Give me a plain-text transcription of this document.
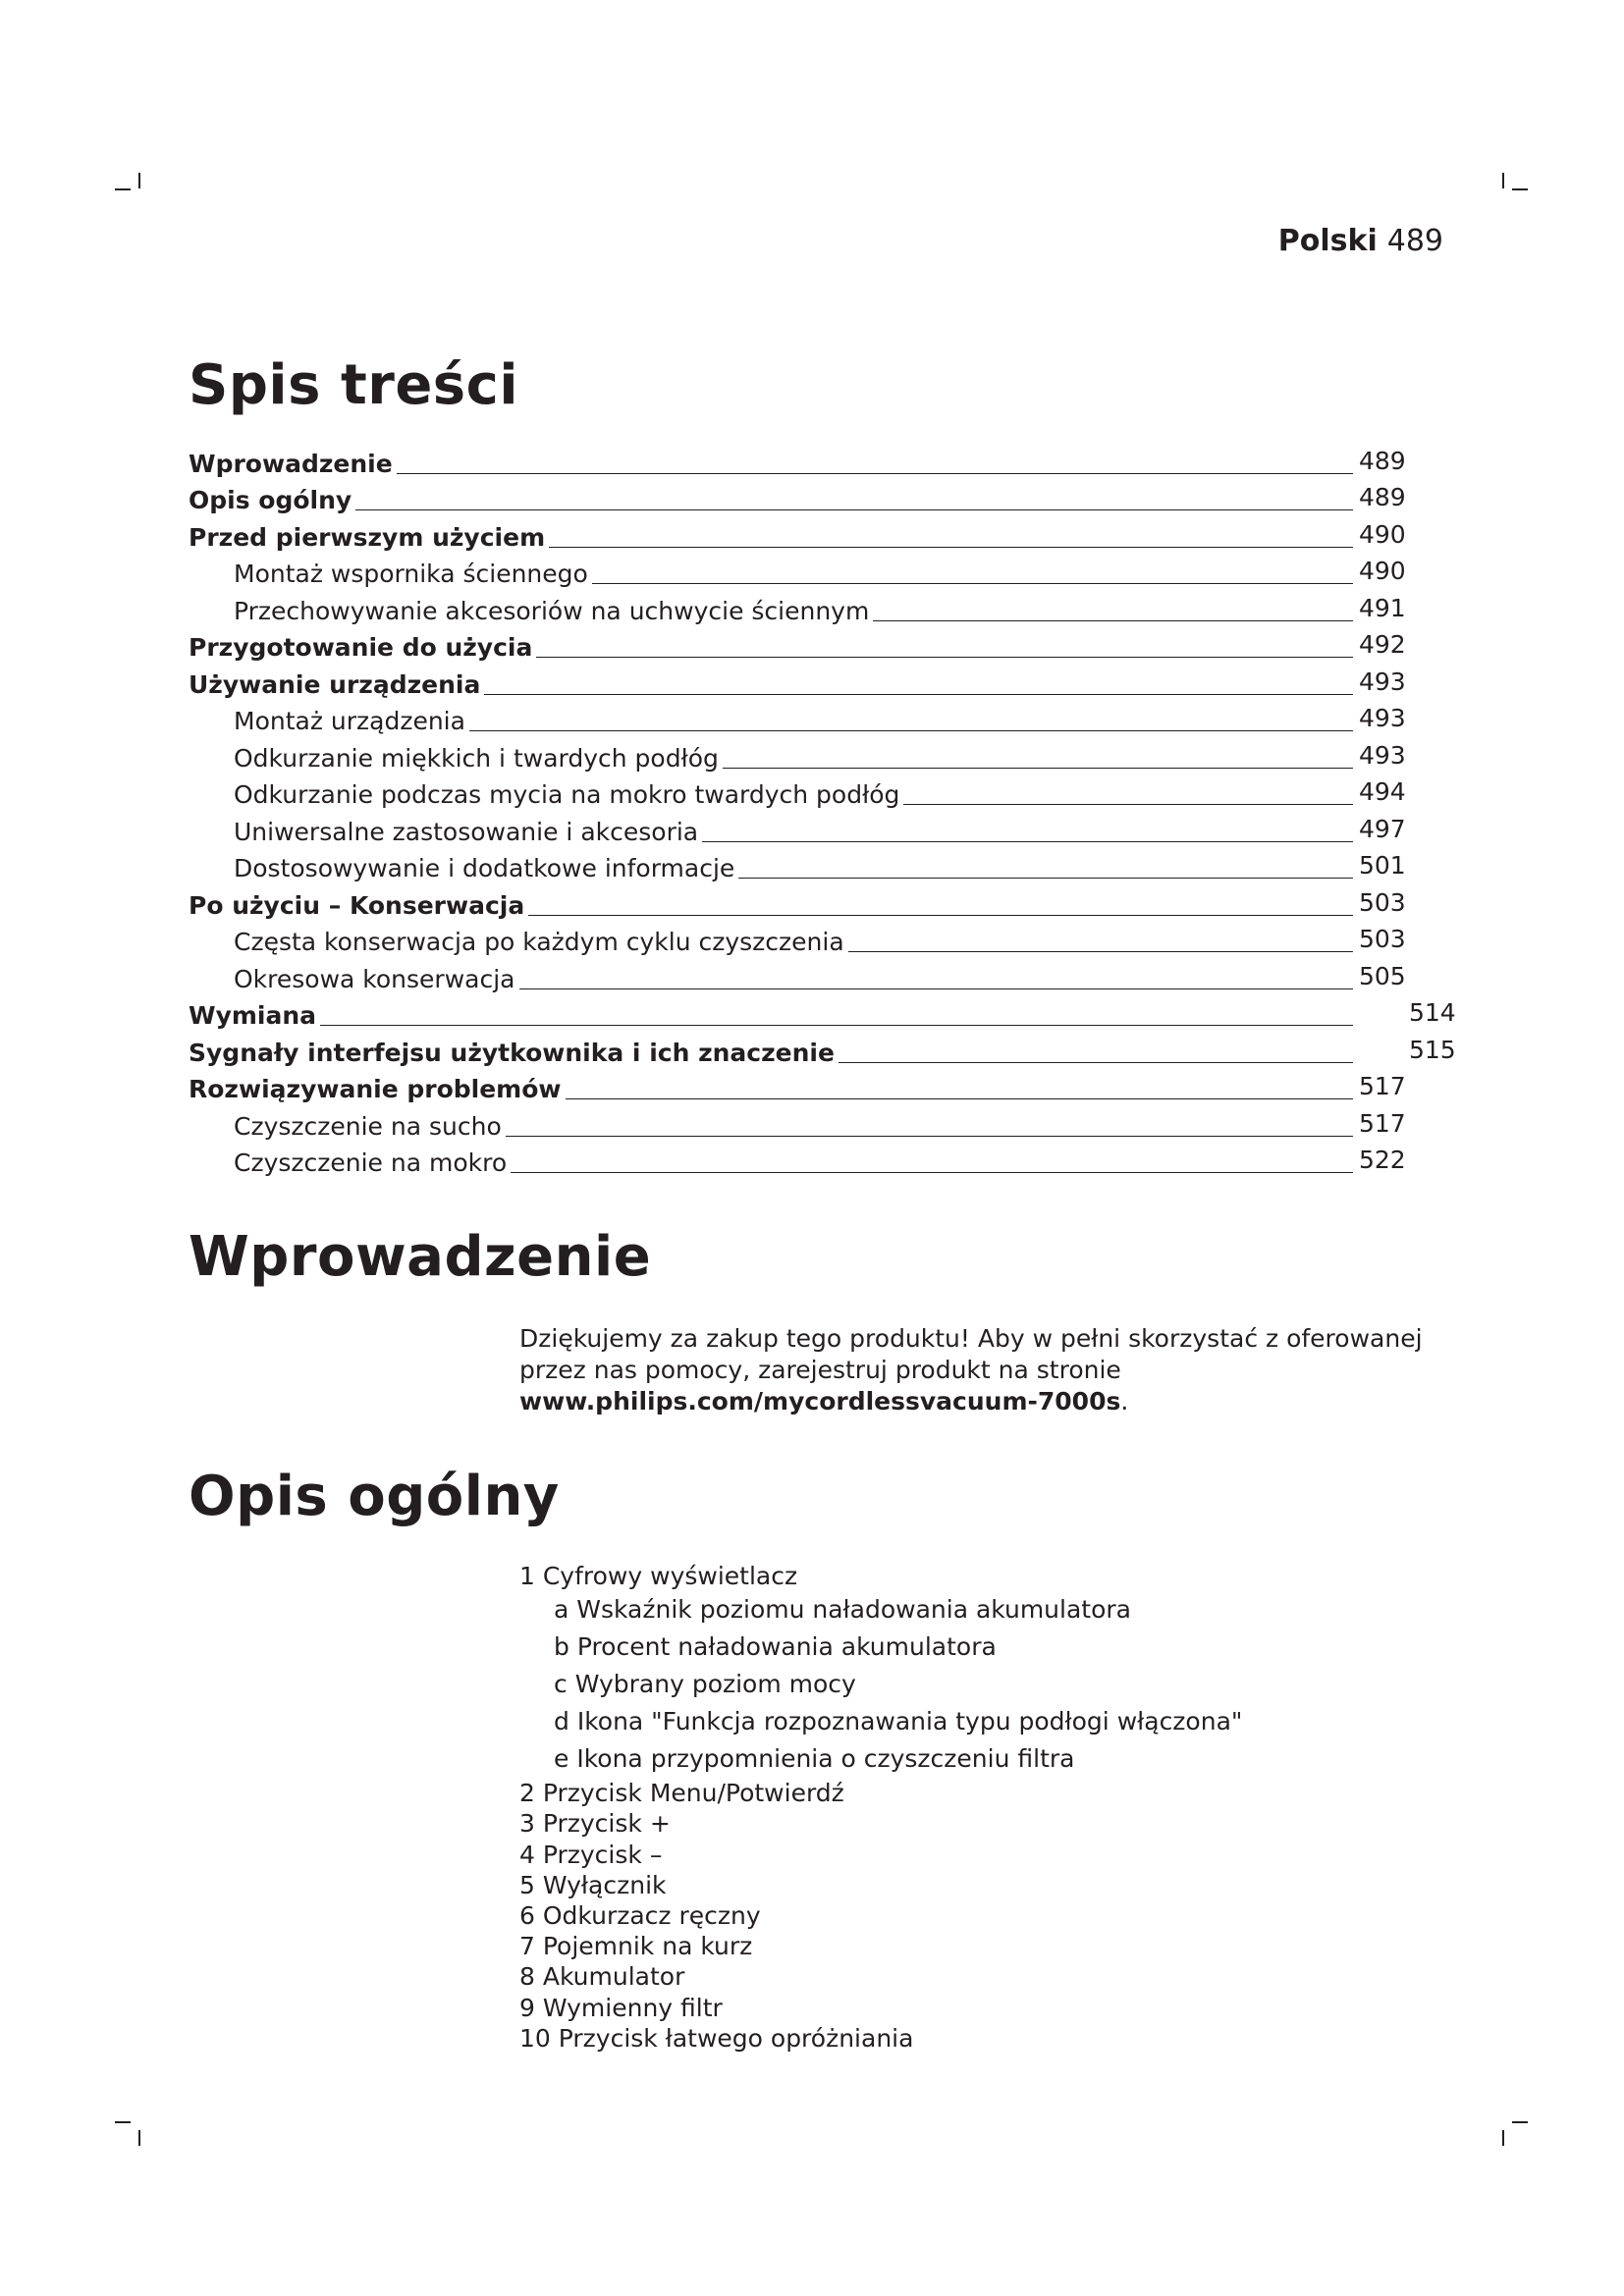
Polski 489
Spis treści
Wprowadzenie	489
Opis ogólny	489
Przed pierwszym użyciem	490
Montaż wspornika ściennego	490
Przechowywanie akcesoriów na uchwycie ściennym	491
Przygotowanie do użycia	492
Używanie urządzenia	493
Montaż urządzenia	493
Odkurzanie miękkich i twardych podłóg	493
Odkurzanie podczas mycia na mokro twardych podłóg	494
Uniwersalne zastosowanie i akcesoria	497
Dostosowywanie i dodatkowe informacje	501
Po użyciu – Konserwacja	503
Częsta konserwacja po każdym cyklu czyszczenia	503
Okresowa konserwacja	505
Wymiana	514
Sygnały interfejsu użytkownika i ich znaczenie	515
Rozwiązywanie problemów	517
Czyszczenie na sucho	517
Czyszczenie na mokro	522
Wprowadzenie

Dziękujemy za zakup tego produktu! Aby w pełni skorzystać z oferowanej przez nas pomocy, zarejestruj produkt na stronie
www.philips.com/mycordlessvacuum-7000s.

Opis ogólny
1 Cyfrowy wyświetlacz
a Wskaźnik poziomu naładowania akumulatora
b Procent naładowania akumulatora
c Wybrany poziom mocy
d Ikona "Funkcja rozpoznawania typu podłogi włączona"
e Ikona przypomnienia o czyszczeniu filtra
2 Przycisk Menu/Potwierdź
3 Przycisk +
4 Przycisk –
5 Wyłącznik
6 Odkurzacz ręczny
7 Pojemnik na kurz
8 Akumulator
9 Wymienny filtr
10 Przycisk łatwego opróżniania
